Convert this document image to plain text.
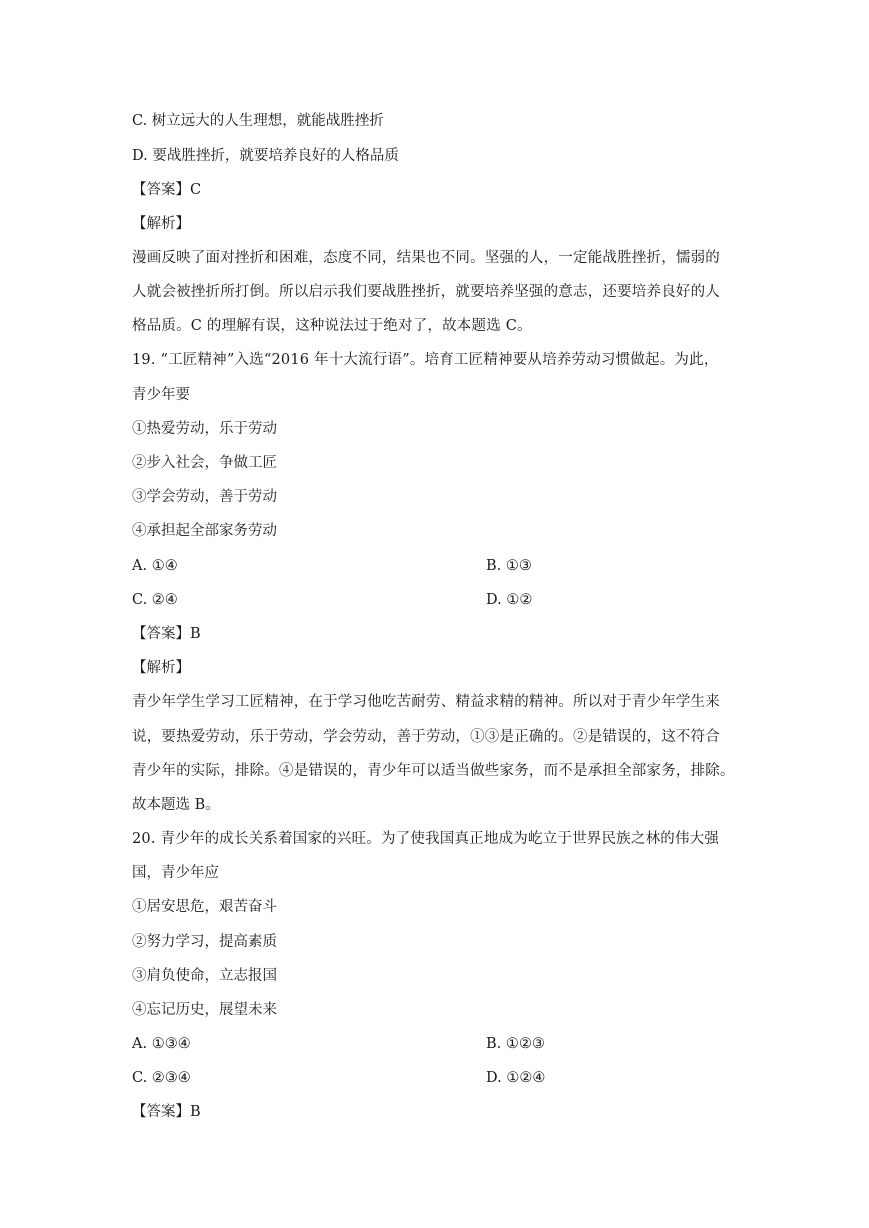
C. 树立远大的人生理想，就能战胜挫折
D. 要战胜挫折，就要培养良好的人格品质
【答案】C
【解析】
漫画反映了面对挫折和困难，态度不同，结果也不同。坚强的人，一定能战胜挫折，懦弱的
人就会被挫折所打倒。所以启示我们要战胜挫折，就要培养坚强的意志，还要培养良好的人
格品质。C 的理解有误，这种说法过于绝对了，故本题选 C。
19. “工匠精神”入选“2016 年十大流行语”。培育工匠精神要从培养劳动习惯做起。为此，
青少年要
①热爱劳动，乐于劳动
②步入社会，争做工匠
③学会劳动，善于劳动
④承担起全部家务劳动
A. ①④	B. ①③
C. ②④	D. ①②
【答案】B
【解析】
青少年学生学习工匠精神，在于学习他吃苦耐劳、精益求精的精神。所以对于青少年学生来
说，要热爱劳动，乐于劳动，学会劳动，善于劳动，①③是正确的。②是错误的，这不符合
青少年的实际，排除。④是错误的，青少年可以适当做些家务，而不是承担全部家务，排除。
故本题选 B。
20. 青少年的成长关系着国家的兴旺。为了使我国真正地成为屹立于世界民族之林的伟大强
国，青少年应
①居安思危，艰苦奋斗
②努力学习，提高素质
③肩负使命，立志报国
④忘记历史，展望未来
A. ①③④	B. ①②③
C. ②③④	D. ①②④
【答案】B
